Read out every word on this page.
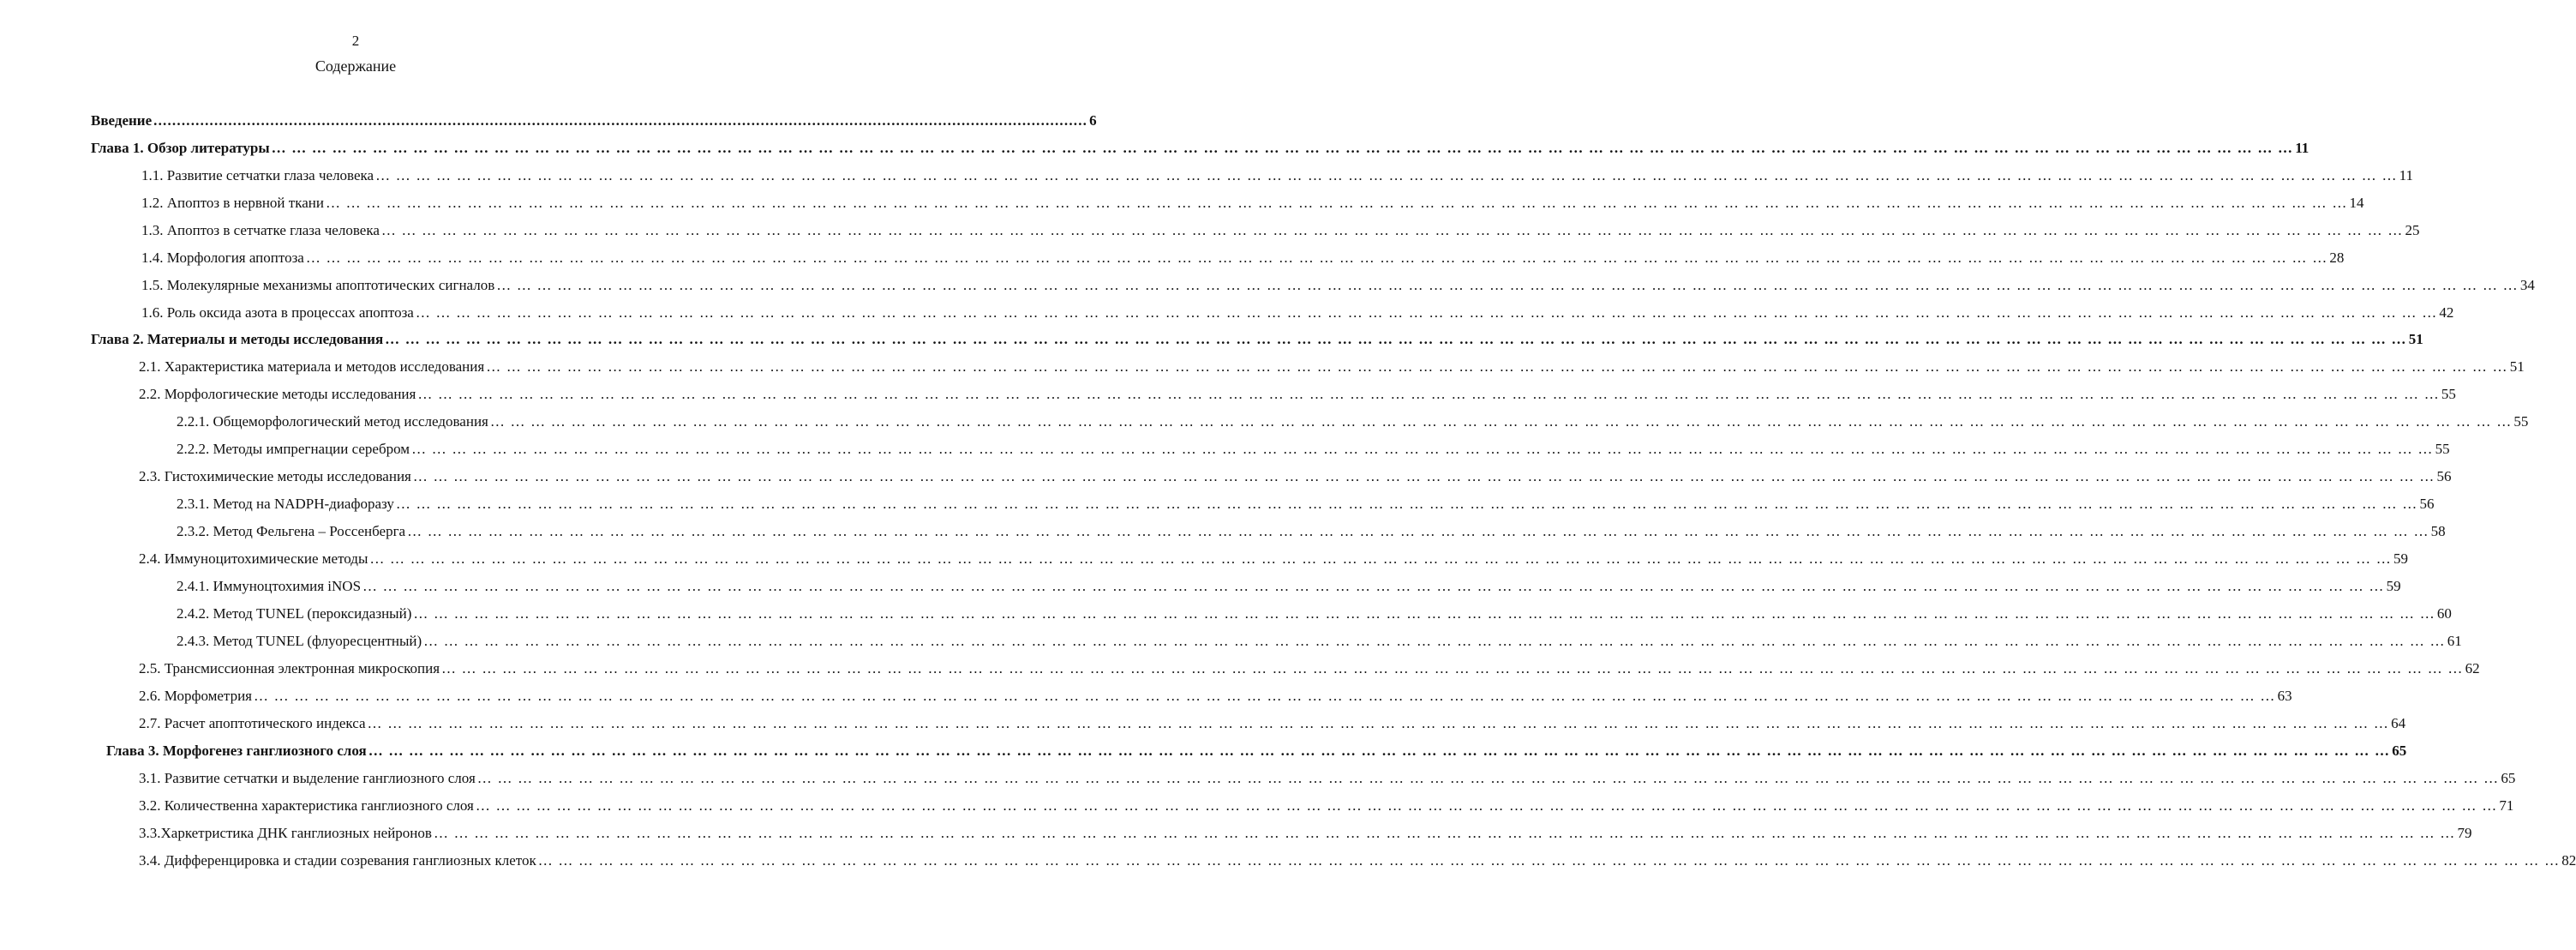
2
Содержание
Введение ........................................................................................................................................................................................................ 6
Глава 1. Обзор литературы … … … … … … … … … … … … … … … … … … … … … … … … … … … … … … … … … … … … … … … … … … … … … … … … … … … … … … … … … … … … … … … … … … … … … … … … … … … … … … … … … … … … … … … … … … … … … … … … … … … … 11
1.1. Развитие сетчатки глаза человека … … … … … … … … … … … … … … … … … … … … … … … … … … … … … … … … … … … … … … … … … … … … … … … … … … … … … … … … … … … … … … … … … … … … … … … … … … … … … … … … … … … … … … … … … … … … … … … … … … … … 11
1.2. Апоптоз в нервной ткани … … … … … … … … … … … … … … … … … … … … … … … … … … … … … … … … … … … … … … … … … … … … … … … … … … … … … … … … … … … … … … … … … … … … … … … … … … … … … … … … … … … … … … … … … … … … … … … … … … … … 14
1.3. Апоптоз в сетчатке глаза человека … … … … … … … … … … … … … … … … … … … … … … … … … … … … … … … … … … … … … … … … … … … … … … … … … … … … … … … … … … … … … … … … … … … … … … … … … … … … … … … … … … … … … … … … … … … … … … … … … … … … 25
1.4. Морфология апоптоза … … … … … … … … … … … … … … … … … … … … … … … … … … … … … … … … … … … … … … … … … … … … … … … … … … … … … … … … … … … … … … … … … … … … … … … … … … … … … … … … … … … … … … … … … … … … … … … … … … … … 28
1.5. Молекулярные механизмы апоптотических сигналов … … … … … … … … … … … … … … … … … … … … … … … … … … … … … … … … … … … … … … … … … … … … … … … … … … … … … … … … … … … … … … … … … … … … … … … … … … … … … … … … … … … … … … … … … … … … … … … … … … … … 34
1.6. Роль оксида азота в процессах апоптоза … … … … … … … … … … … … … … … … … … … … … … … … … … … … … … … … … … … … … … … … … … … … … … … … … … … … … … … … … … … … … … … … … … … … … … … … … … … … … … … … … … … … … … … … … … … … … … … … … … … … 42
Глава 2. Материалы и методы исследования … … … … … … … … … … … … … … … … … … … … … … … … … … … … … … … … … … … … … … … … … … … … … … … … … … … … … … … … … … … … … … … … … … … … … … … … … … … … … … … … … … … … … … … … … … … … … … … … … … … … 51
2.1. Характеристика материала и методов исследования … … … … … … … … … … … … … … … … … … … … … … … … … … … … … … … … … … … … … … … … … … … … … … … … … … … … … … … … … … … … … … … … … … … … … … … … … … … … … … … … … … … … … … … … … … … … … … … … … … … … 51
2.2. Морфологические методы исследования … … … … … … … … … … … … … … … … … … … … … … … … … … … … … … … … … … … … … … … … … … … … … … … … … … … … … … … … … … … … … … … … … … … … … … … … … … … … … … … … … … … … … … … … … … … … … … … … … … … … 55
2.2.1. Общеморфологический метод исследования … … … … … … … … … … … … … … … … … … … … … … … … … … … … … … … … … … … … … … … … … … … … … … … … … … … … … … … … … … … … … … … … … … … … … … … … … … … … … … … … … … … … … … … … … … … … … … … … … … … … 55
2.2.2. Методы импрегнации серебром … … … … … … … … … … … … … … … … … … … … … … … … … … … … … … … … … … … … … … … … … … … … … … … … … … … … … … … … … … … … … … … … … … … … … … … … … … … … … … … … … … … … … … … … … … … … … … … … … … … … 55
2.3. Гистохимические методы исследования … … … … … … … … … … … … … … … … … … … … … … … … … … … … … … … … … … … … … … … … … … … … … … … … … … … … … … … … … … … … … … … … … … … … … … … … … … … … … … … … … … … … … … … … … … … … … … … … … … … … 56
2.3.1. Метод на NADPH-диафоразу … … … … … … … … … … … … … … … … … … … … … … … … … … … … … … … … … … … … … … … … … … … … … … … … … … … … … … … … … … … … … … … … … … … … … … … … … … … … … … … … … … … … … … … … … … … … … … … … … … … … 56
2.3.2. Метод Фельгена – Россенберга … … … … … … … … … … … … … … … … … … … … … … … … … … … … … … … … … … … … … … … … … … … … … … … … … … … … … … … … … … … … … … … … … … … … … … … … … … … … … … … … … … … … … … … … … … … … … … … … … … … … 58
2.4. Иммуноцитохимические методы … … … … … … … … … … … … … … … … … … … … … … … … … … … … … … … … … … … … … … … … … … … … … … … … … … … … … … … … … … … … … … … … … … … … … … … … … … … … … … … … … … … … … … … … … … … … … … … … … … … … 59
2.4.1. Иммуноцтохимия iNOS … … … … … … … … … … … … … … … … … … … … … … … … … … … … … … … … … … … … … … … … … … … … … … … … … … … … … … … … … … … … … … … … … … … … … … … … … … … … … … … … … … … … … … … … … … … … … … … … … … … … 59
2.4.2. Метод TUNEL (пероксидазный) … … … … … … … … … … … … … … … … … … … … … … … … … … … … … … … … … … … … … … … … … … … … … … … … … … … … … … … … … … … … … … … … … … … … … … … … … … … … … … … … … … … … … … … … … … … … … … … … … … … … 60
2.4.3. Метод TUNEL (флуоресцентный) … … … … … … … … … … … … … … … … … … … … … … … … … … … … … … … … … … … … … … … … … … … … … … … … … … … … … … … … … … … … … … … … … … … … … … … … … … … … … … … … … … … … … … … … … … … … … … … … … … … … 61
2.5. Трансмиссионная электронная микроскопия … … … … … … … … … … … … … … … … … … … … … … … … … … … … … … … … … … … … … … … … … … … … … … … … … … … … … … … … … … … … … … … … … … … … … … … … … … … … … … … … … … … … … … … … … … … … … … … … … … … … 62
2.6. Морфометрия … … … … … … … … … … … … … … … … … … … … … … … … … … … … … … … … … … … … … … … … … … … … … … … … … … … … … … … … … … … … … … … … … … … … … … … … … … … … … … … … … … … … … … … … … … … … … … … … … … … … 63
2.7. Расчет апоптотического индекса … … … … … … … … … … … … … … … … … … … … … … … … … … … … … … … … … … … … … … … … … … … … … … … … … … … … … … … … … … … … … … … … … … … … … … … … … … … … … … … … … … … … … … … … … … … … … … … … … … … … 64
Глава 3. Морфогенез ганглиозного слоя … … … … … … … … … … … … … … … … … … … … … … … … … … … … … … … … … … … … … … … … … … … … … … … … … … … … … … … … … … … … … … … … … … … … … … … … … … … … … … … … … … … … … … … … … … … … … … … … … … … … 65
3.1. Развитие сетчатки и выделение ганглиозного слоя … … … … … … … … … … … … … … … … … … … … … … … … … … … … … … … … … … … … … … … … … … … … … … … … … … … … … … … … … … … … … … … … … … … … … … … … … … … … … … … … … … … … … … … … … … … … … … … … … … … … 65
3.2. Количественна характеристика ганглиозного слоя … … … … … … … … … … … … … … … … … … … … … … … … … … … … … … … … … … … … … … … … … … … … … … … … … … … … … … … … … … … … … … … … … … … … … … … … … … … … … … … … … … … … … … … … … … … … … … … … … … … … 71
3.3.Харкетристика ДНК ганглиозных нейронов … … … … … … … … … … … … … … … … … … … … … … … … … … … … … … … … … … … … … … … … … … … … … … … … … … … … … … … … … … … … … … … … … … … … … … … … … … … … … … … … … … … … … … … … … … … … … … … … … … … … 79
3.4. Дифференцировка и стадии созревания ганглиозных клеток … … … … … … … … … … … … … … … … … … … … … … … … … … … … … … … … … … … … … … … … … … … … … … … … … … … … … … … … … … … … … … … … … … … … … … … … … … … … … … … … … … … … … … … … … … … … … … … … … … … … 82
